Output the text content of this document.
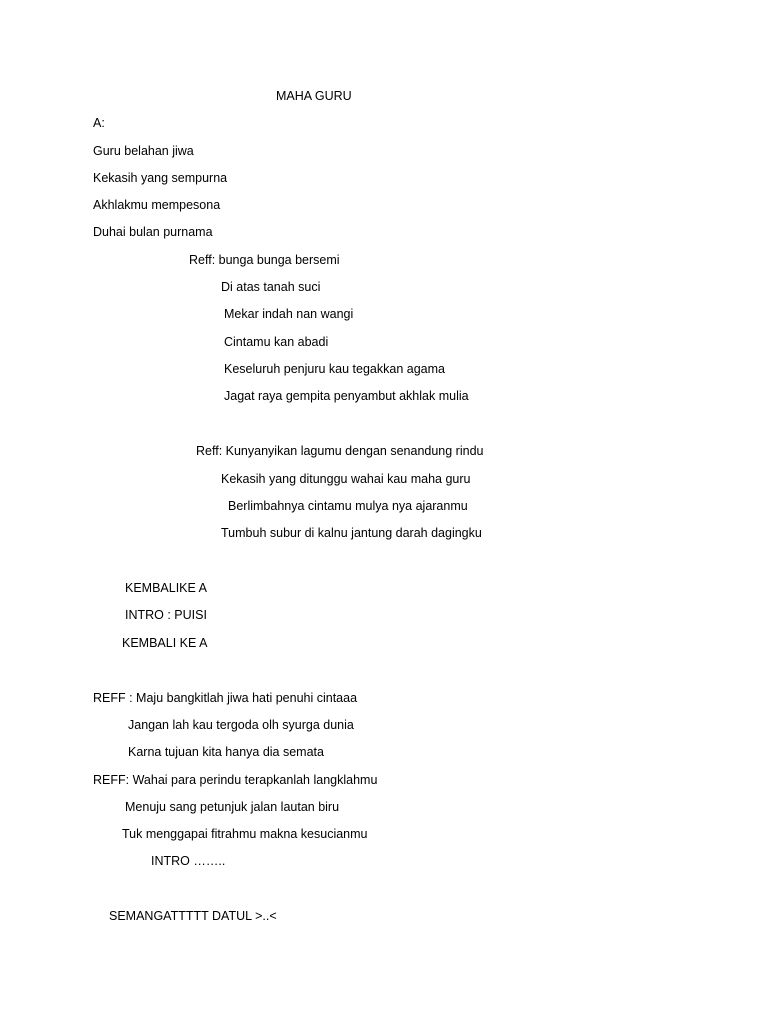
MAHA GURU
A:
Guru belahan jiwa
Kekasih yang sempurna
Akhlakmu mempesona
Duhai bulan purnama
Reff: bunga bunga bersemi
Di atas tanah suci
Mekar indah nan wangi
Cintamu kan abadi
Keseluruh penjuru kau tegakkan agama
Jagat raya gempita penyambut akhlak mulia
Reff: Kunyanyikan lagumu dengan senandung rindu
Kekasih yang ditunggu wahai kau maha guru
Berlimbahnya cintamu mulya nya ajaranmu
Tumbuh subur di kalnu jantung darah dagingku
KEMBALIKE A
INTRO : PUISI
KEMBALI KE A
REFF : Maju bangkitlah jiwa hati penuhi cintaaa
Jangan lah kau tergoda olh syurga dunia
Karna tujuan kita hanya dia semata
REFF: Wahai para perindu terapkanlah langklahmu
Menuju sang petunjuk jalan lautan biru
Tuk menggapai fitrahmu makna kesucianmu
INTRO ……..
SEMANGATTTTT DATUL >..<
